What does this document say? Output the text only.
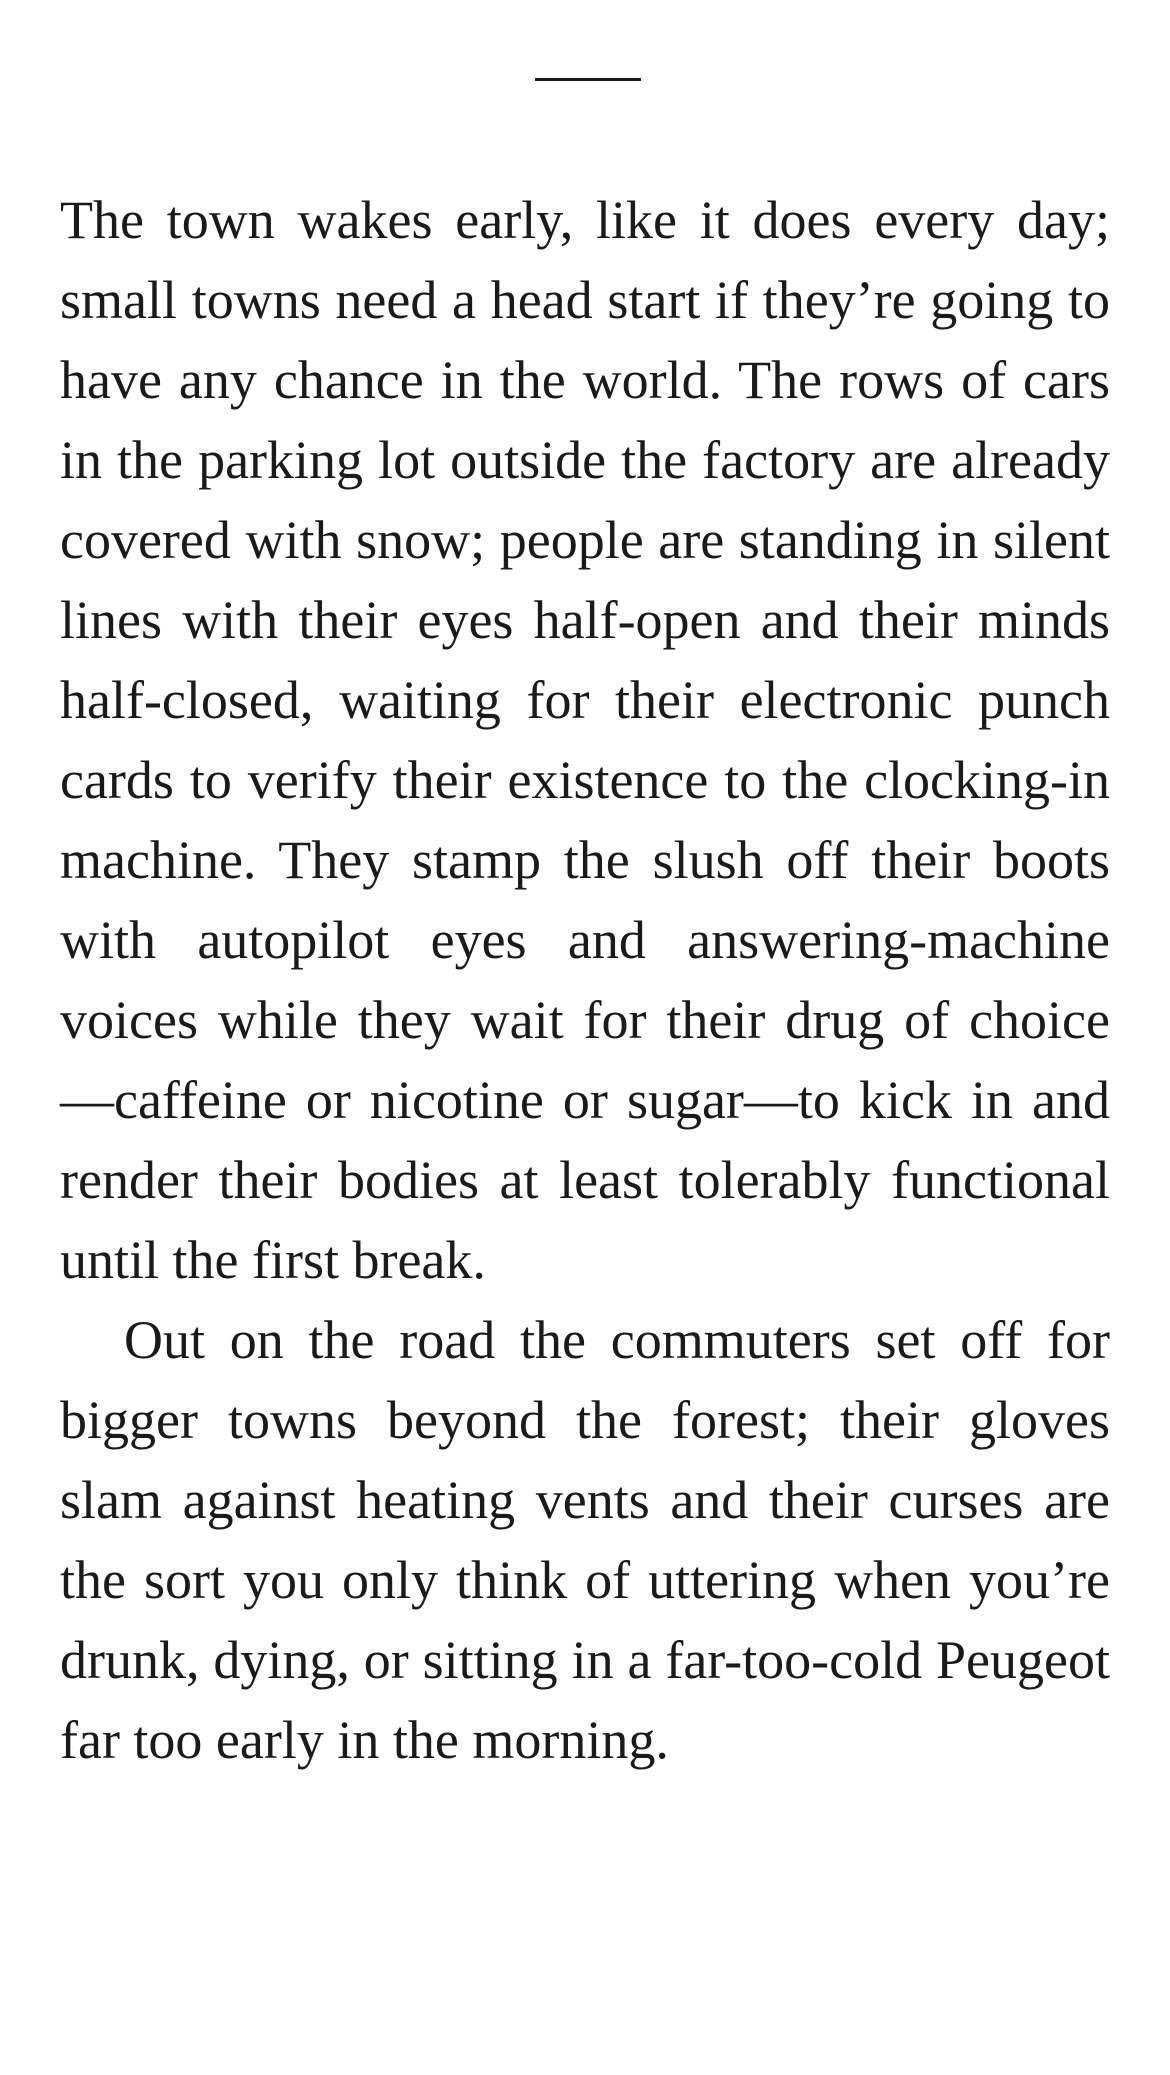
The town wakes early, like it does every day; small towns need a head start if they’re going to have any chance in the world. The rows of cars in the parking lot outside the factory are already covered with snow; people are standing in silent lines with their eyes half-open and their minds half-closed, waiting for their electronic punch cards to verify their existence to the clocking-in machine. They stamp the slush off their boots with autopilot eyes and answering-machine voices while they wait for their drug of choice —caffeine or nicotine or sugar—to kick in and render their bodies at least tolerably functional until the first break.

Out on the road the commuters set off for bigger towns beyond the forest; their gloves slam against heating vents and their curses are the sort you only think of uttering when you’re drunk, dying, or sitting in a far-too-cold Peugeot far too early in the morning.
